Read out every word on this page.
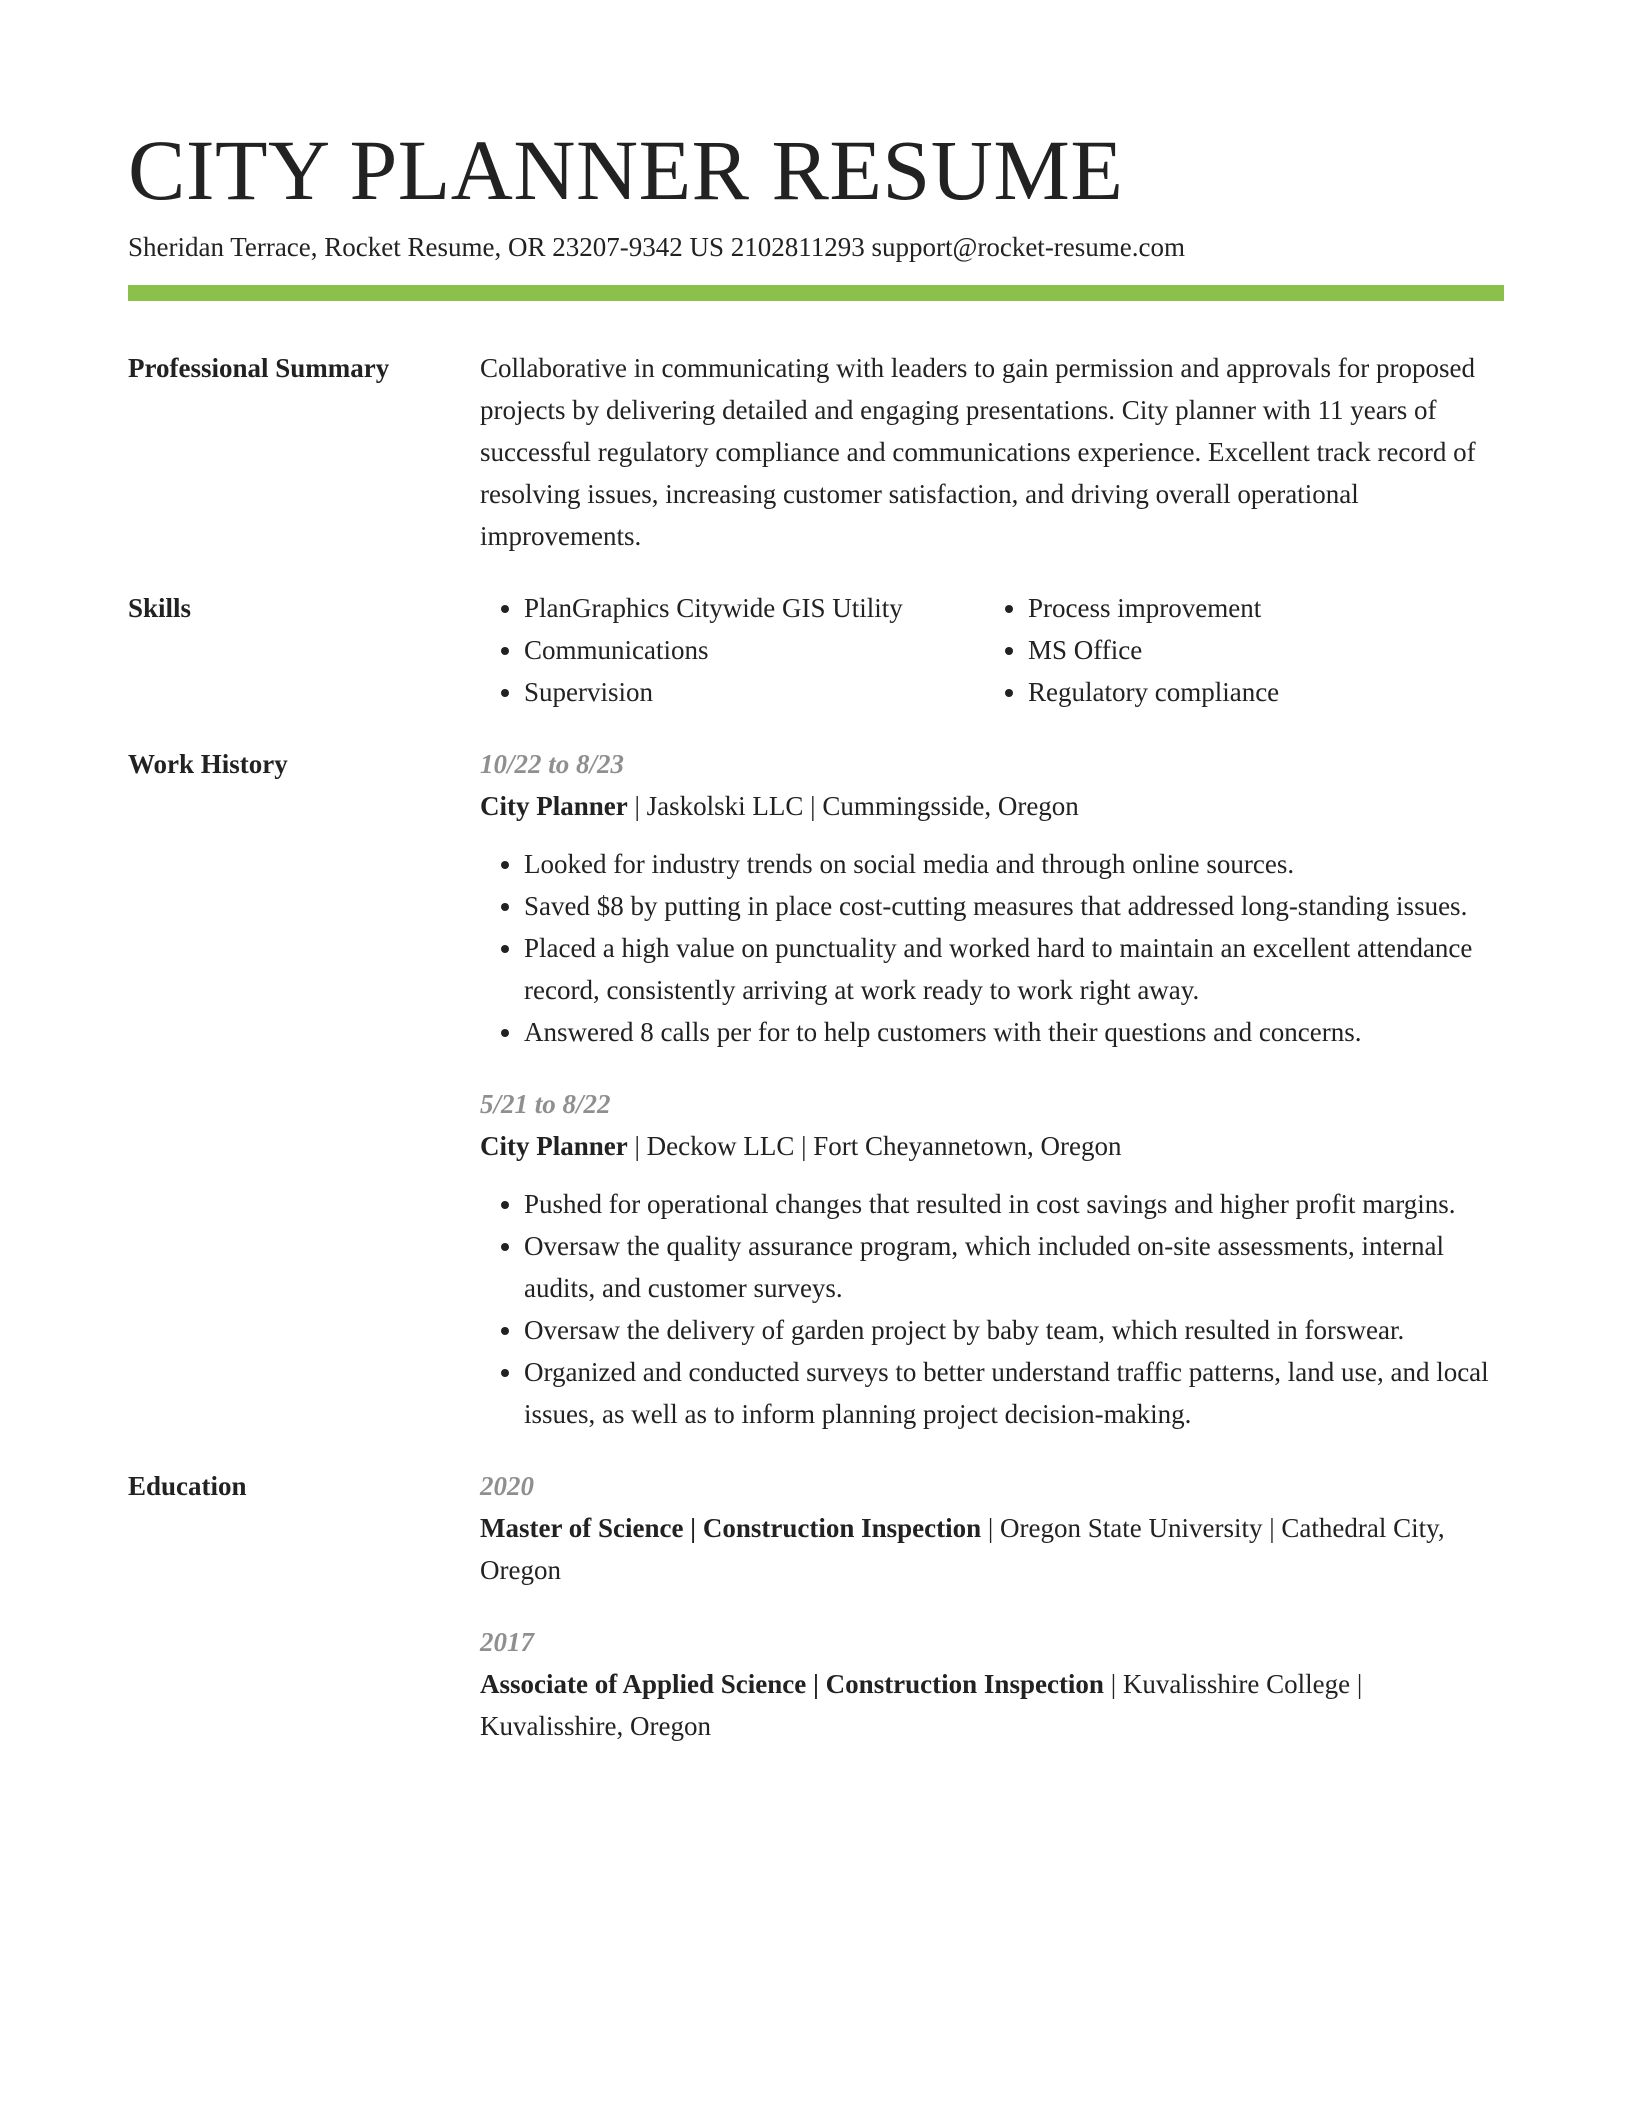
CITY PLANNER RESUME
Sheridan Terrace, Rocket Resume, OR 23207-9342 US 2102811293 support@rocket-resume.com
Professional Summary	Collaborative in communicating with leaders to gain permission and approvals for proposed projects by delivering detailed and engaging presentations. City planner with 11 years of successful regulatory compliance and communications experience. Excellent track record of resolving issues, increasing customer satisfaction, and driving overall operational improvements.

Skills
•	PlanGraphics Citywide GIS Utility
• Communications
• Supervision
• Process improvement
• MS Office
• Regulatory compliance
Work History	10/22 to 8/23
City Planner | Jaskolski LLC | Cummingsside, Oregon
• Looked for industry trends on social media and through online sources.
• Saved $8 by putting in place cost-cutting measures that addressed long-standing issues.
• Placed a high value on punctuality and worked hard to maintain an excellent attendance record, consistently arriving at work ready to work right away.
• Answered 8 calls per for to help customers with their questions and concerns.
5/21 to 8/22
City Planner | Deckow LLC | Fort Cheyannetown, Oregon
• Pushed for operational changes that resulted in cost savings and higher profit margins.
• Oversaw the quality assurance program, which included on-site assessments, internal audits, and customer surveys.
• Oversaw the delivery of garden project by baby team, which resulted in forswear.
• Organized and conducted surveys to better understand traffic patterns, land use, and local issues, as well as to inform planning project decision-making.
Education	2020
Master of Science | Construction Inspection | Oregon State University | Cathedral City, Oregon
2017
Associate of Applied Science | Construction Inspection | Kuvalisshire College | Kuvalisshire, Oregon
